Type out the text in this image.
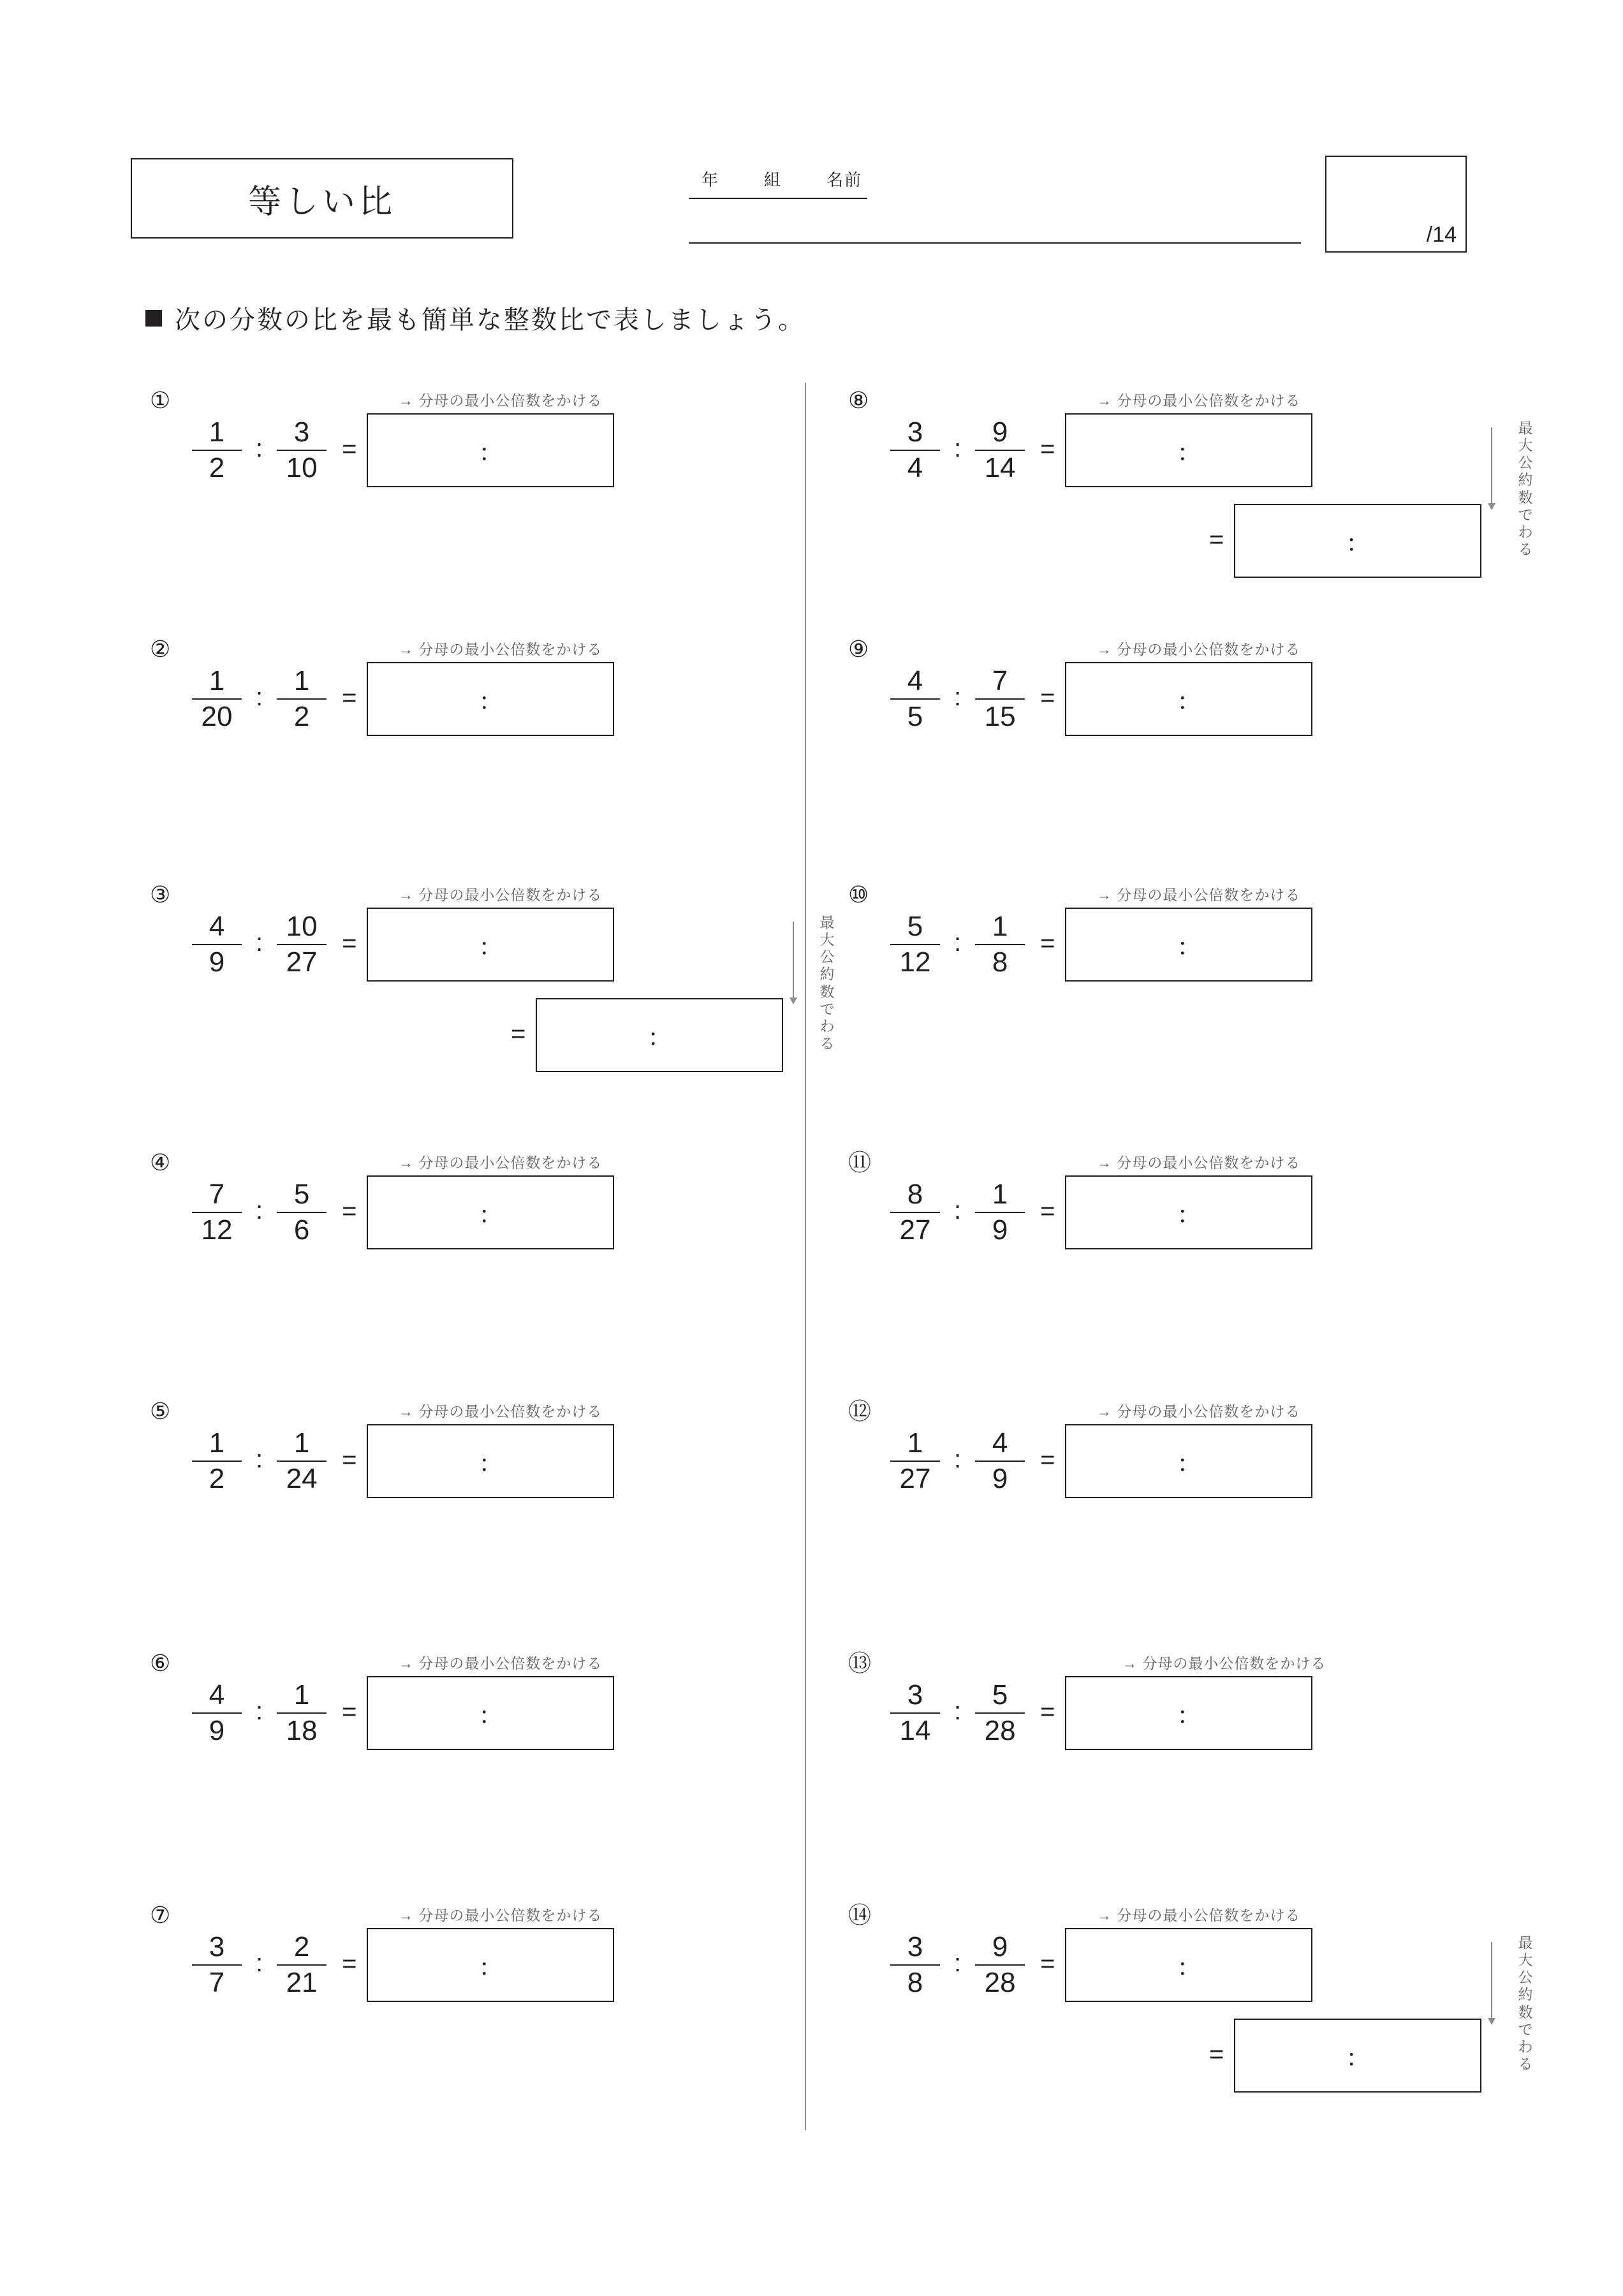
等しい比
年	組	名前
/14
次の分数の比を最も簡単な整数比で表しましょう。
①	→ 分母の最小公倍数をかける
$\frac{1}{2}$ : $\frac{3}{10}$ =	：
②	→ 分母の最小公倍数をかける
$\frac{1}{20}$ : $\frac{1}{2}$ =	：
③	→ 分母の最小公倍数をかける
$\frac{4}{9}$ : $\frac{10}{27}$ =	：
=	：
最大公約数でわる
④	→ 分母の最小公倍数をかける
$\frac{7}{12}$ : $\frac{5}{6}$ =	：
⑤	→ 分母の最小公倍数をかける
$\frac{1}{2}$ : $\frac{1}{24}$ =	：
⑥	→ 分母の最小公倍数をかける
$\frac{4}{9}$ : $\frac{1}{18}$ =	：
⑦	→ 分母の最小公倍数をかける
$\frac{3}{7}$ : $\frac{2}{21}$ =	：
⑧	→ 分母の最小公倍数をかける
$\frac{3}{4}$ : $\frac{9}{14}$ =	：
=	：
最大公約数でわる
⑨	→ 分母の最小公倍数をかける
$\frac{4}{5}$ : $\frac{7}{15}$ =	：
⑩	→ 分母の最小公倍数をかける
$\frac{5}{12}$ : $\frac{1}{8}$ =	：
⑪	→ 分母の最小公倍数をかける
$\frac{8}{27}$ : $\frac{1}{9}$ =	：
⑫	→ 分母の最小公倍数をかける
$\frac{1}{27}$ : $\frac{4}{9}$ =	：
⑬	→ 分母の最小公倍数をかける
$\frac{3}{14}$ : $\frac{5}{28}$ =	：
⑭	→ 分母の最小公倍数をかける
$\frac{3}{8}$ : $\frac{9}{28}$ =	：
=	：
最大公約数でわる
